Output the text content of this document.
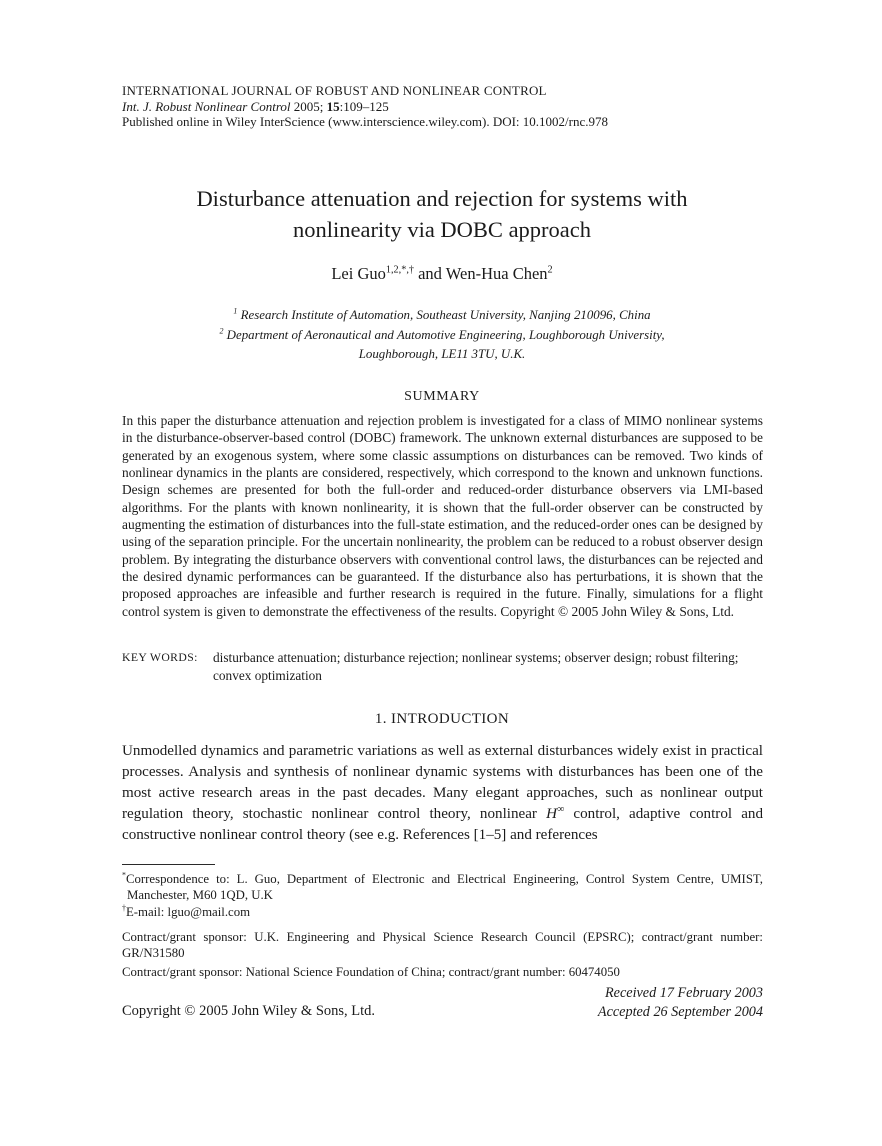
INTERNATIONAL JOURNAL OF ROBUST AND NONLINEAR CONTROL
Int. J. Robust Nonlinear Control 2005; 15:109–125
Published online in Wiley InterScience (www.interscience.wiley.com). DOI: 10.1002/rnc.978
Disturbance attenuation and rejection for systems with
nonlinearity via DOBC approach
Lei Guo$^{1,2,*,\dagger}$ and Wen-Hua Chen$^2$
$^1$ Research Institute of Automation, Southeast University, Nanjing 210096, China
$^2$ Department of Aeronautical and Automotive Engineering, Loughborough University,
Loughborough, LE11 3TU, U.K.
SUMMARY
In this paper the disturbance attenuation and rejection problem is investigated for a class of MIMO nonlinear systems in the disturbance-observer-based control (DOBC) framework. The unknown external disturbances are supposed to be generated by an exogenous system, where some classic assumptions on disturbances can be removed. Two kinds of nonlinear dynamics in the plants are considered, respectively, which correspond to the known and unknown functions. Design schemes are presented for both the full-order and reduced-order disturbance observers via LMI-based algorithms. For the plants with known nonlinearity, it is shown that the full-order observer can be constructed by augmenting the estimation of disturbances into the full-state estimation, and the reduced-order ones can be designed by using of the separation principle. For the uncertain nonlinearity, the problem can be reduced to a robust observer design problem. By integrating the disturbance observers with conventional control laws, the disturbances can be rejected and the desired dynamic performances can be guaranteed. If the disturbance also has perturbations, it is shown that the proposed approaches are infeasible and further research is required in the future. Finally, simulations for a flight control system is given to demonstrate the effectiveness of the results. Copyright © 2005 John Wiley & Sons, Ltd.
KEY WORDS:	disturbance attenuation; disturbance rejection; nonlinear systems; observer design; robust filtering; convex optimization
1. INTRODUCTION
Unmodelled dynamics and parametric variations as well as external disturbances widely exist in practical processes. Analysis and synthesis of nonlinear dynamic systems with disturbances has been one of the most active research areas in the past decades. Many elegant approaches, such as nonlinear output regulation theory, stochastic nonlinear control theory, nonlinear H∞ control, adaptive control and constructive nonlinear control theory (see e.g. References [1–5] and references
*Correspondence to: L. Guo, Department of Electronic and Electrical Engineering, Control System Centre, UMIST, Manchester, M60 1QD, U.K
†E-mail: lguo@mail.com
Contract/grant sponsor: U.K. Engineering and Physical Science Research Council (EPSRC); contract/grant number: GR/N31580
Contract/grant sponsor: National Science Foundation of China; contract/grant number: 60474050
Received 17 February 2003
Accepted 26 September 2004
Copyright © 2005 John Wiley & Sons, Ltd.
